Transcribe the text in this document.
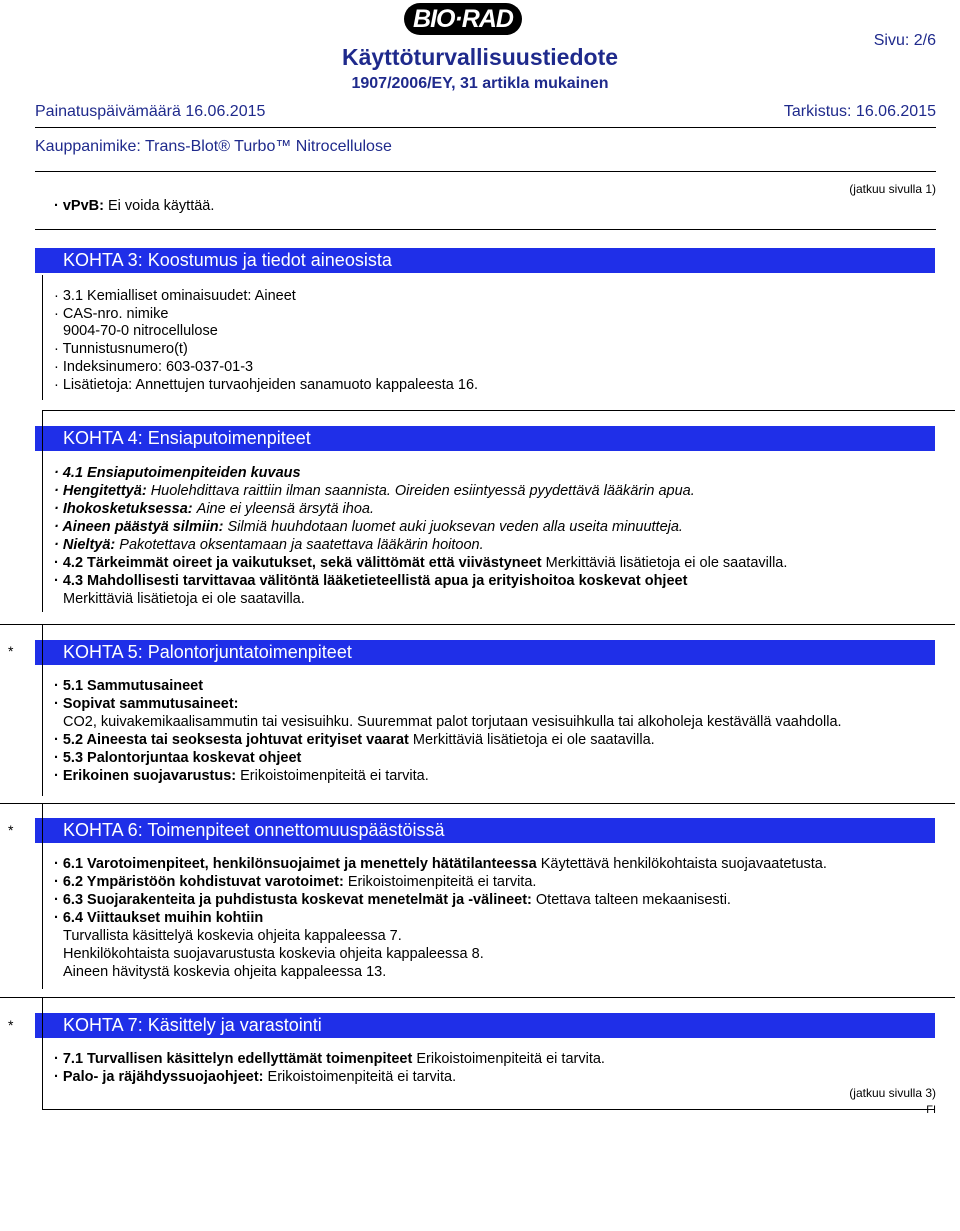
BIO·RAD
Käyttöturvallisuustiedote
1907/2006/EY, 31 artikla mukainen
Sivu: 2/6
Painatuspäivämäärä 16.06.2015	Tarkistus: 16.06.2015
Kauppanimike: Trans-Blot® Turbo™ Nitrocellulose
(jatkuu sivulla 1)
· vPvB: Ei voida käyttää.
KOHTA 3: Koostumus ja tiedot aineosista
· 3.1 Kemialliset ominaisuudet: Aineet
· CAS-nro. nimike
9004-70-0 nitrocellulose
· Tunnistusnumero(t)
· Indeksinumero: 603-037-01-3
· Lisätietoja: Annettujen turvaohjeiden sanamuoto kappaleesta 16.
KOHTA 4: Ensiaputoimenpiteet
· 4.1 Ensiaputoimenpiteiden kuvaus
· Hengitettyä: Huolehdittava raittiin ilman saannista. Oireiden esiintyessä pyydettävä lääkärin apua.
· Ihokosketuksessa: Aine ei yleensä ärsytä ihoa.
· Aineen päästyä silmiin: Silmiä huuhdotaan luomet auki juoksevan veden alla useita minuutteja.
· Nieltyä: Pakotettava oksentamaan ja saatettava lääkärin hoitoon.
· 4.2 Tärkeimmät oireet ja vaikutukset, sekä välittömät että viivästyneet Merkittäviä lisätietoja ei ole saatavilla.
· 4.3 Mahdollisesti tarvittavaa välitöntä lääketieteellistä apua ja erityishoitoa koskevat ohjeet
Merkittäviä lisätietoja ei ole saatavilla.
*	KOHTA 5: Palontorjuntatoimenpiteet
· 5.1 Sammutusaineet
· Sopivat sammutusaineet:
CO2, kuivakemikaalisammutin tai vesisuihku. Suuremmat palot torjutaan vesisuihkulla tai alkoholeja kestävällä vaahdolla.
· 5.2 Aineesta tai seoksesta johtuvat erityiset vaarat Merkittäviä lisätietoja ei ole saatavilla.
· 5.3 Palontorjuntaa koskevat ohjeet
· Erikoinen suojavarustus: Erikoistoimenpiteitä ei tarvita.
*	KOHTA 6: Toimenpiteet onnettomuuspäästöissä
· 6.1 Varotoimenpiteet, henkilönsuojaimet ja menettely hätätilanteessa Käytettävä henkilökohtaista suojavaatetusta.
· 6.2 Ympäristöön kohdistuvat varotoimet: Erikoistoimenpiteitä ei tarvita.
· 6.3 Suojarakenteita ja puhdistusta koskevat menetelmät ja -välineet: Otettava talteen mekaanisesti.
· 6.4 Viittaukset muihin kohtiin
Turvallista käsittelyä koskevia ohjeita kappaleessa 7.
Henkilökohtaista suojavarustusta koskevia ohjeita kappaleessa 8.
Aineen hävitystä koskevia ohjeita kappaleessa 13.
*	KOHTA 7: Käsittely ja varastointi
· 7.1 Turvallisen käsittelyn edellyttämät toimenpiteet Erikoistoimenpiteitä ei tarvita.
· Palo- ja räjähdyssuojaohjeet: Erikoistoimenpiteitä ei tarvita.
(jatkuu sivulla 3)
FI
